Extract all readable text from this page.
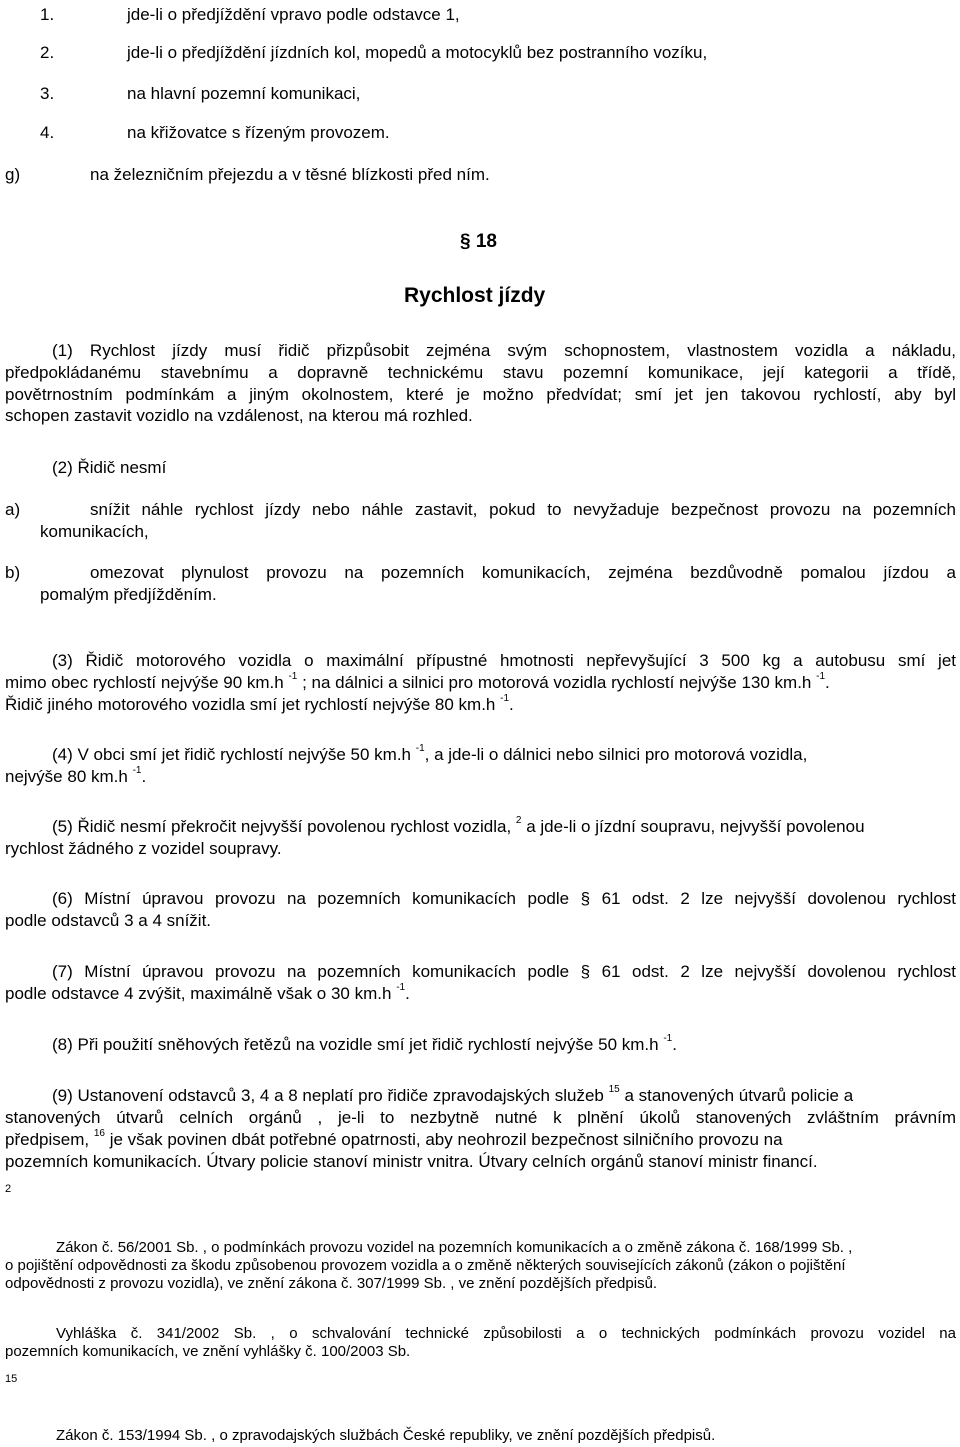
1.	jde-li o předjíždění vpravo podle odstavce 1,
2.	jde-li o předjíždění jízdních kol, mopedů a motocyklů bez postranního vozíku,
3.	na hlavní pozemní komunikaci,
4.	na křižovatce s řízeným provozem.
g)	na železničním přejezdu a v těsné blízkosti před ním.
§ 18
Rychlost jízdy
(1) Rychlost jízdy musí řidič přizpůsobit zejména svým schopnostem, vlastnostem vozidla a nákladu,
předpokládanému stavebnímu a dopravně technickému stavu pozemní komunikace, její kategorii a třídě,
povětrnostním podmínkám a jiným okolnostem, které je možno předvídat; smí jet jen takovou rychlostí, aby byl
schopen zastavit vozidlo na vzdálenost, na kterou má rozhled.
(2) Řidič nesmí
a)	snížit náhle rychlost jízdy nebo náhle zastavit, pokud to nevyžaduje bezpečnost provozu na pozemních
komunikacích,
b)	omezovat plynulost provozu na pozemních komunikacích, zejména bezdůvodně pomalou jízdou a
pomalým předjížděním.
(3) Řidič motorového vozidla o maximální přípustné hmotnosti nepřevyšující 3 500 kg a autobusu smí jet
mimo obec rychlostí nejvýše 90 km.h $^{-1}$ ; na dálnici a silnici pro motorová vozidla rychlostí nejvýše 130 km.h $^{-1}$.
Řidič jiného motorového vozidla smí jet rychlostí nejvýše 80 km.h $^{-1}$.
(4) V obci smí jet řidič rychlostí nejvýše 50 km.h $^{-1}$, a jde-li o dálnici nebo silnici pro motorová vozidla,
nejvýše 80 km.h $^{-1}$.
(5) Řidič nesmí překročit nejvyšší povolenou rychlost vozidla, $^2$ a jde-li o jízdní soupravu, nejvyšší povolenou
rychlost žádného z vozidel soupravy.
(6) Místní úpravou provozu na pozemních komunikacích podle § 61 odst. 2 lze nejvyšší dovolenou rychlost
podle odstavců 3 a 4 snížit.
(7) Místní úpravou provozu na pozemních komunikacích podle § 61 odst. 2 lze nejvyšší dovolenou rychlost
podle odstavce 4 zvýšit, maximálně však o 30 km.h $^{-1}$.
(8) Při použití sněhových řetězů na vozidle smí jet řidič rychlostí nejvýše 50 km.h $^{-1}$.
(9) Ustanovení odstavců 3, 4 a 8 neplatí pro řidiče zpravodajských služeb $^{15}$ a stanovených útvarů policie a
stanovených útvarů celních orgánů , je-li to nezbytně nutné k plnění úkolů stanovených zvláštním právním
předpisem, $^{16}$ je však povinen dbát potřebné opatrnosti, aby neohrozil bezpečnost silničního provozu na
pozemních komunikacích. Útvary policie stanoví ministr vnitra. Útvary celních orgánů stanoví ministr financí.
2
Zákon č. 56/2001 Sb. , o podmínkách provozu vozidel na pozemních komunikacích a o změně zákona č. 168/1999 Sb. ,
o pojištění odpovědnosti za škodu způsobenou provozem vozidla a o změně některých souvisejících zákonů (zákon o pojištění
odpovědnosti z provozu vozidla), ve znění zákona č. 307/1999 Sb. , ve znění pozdějších předpisů.
Vyhláška č. 341/2002 Sb. , o schvalování technické způsobilosti a o technických podmínkách provozu vozidel na
pozemních komunikacích, ve znění vyhlášky č. 100/2003 Sb.
15
Zákon č. 153/1994 Sb. , o zpravodajských službách České republiky, ve znění pozdějších předpisů.
